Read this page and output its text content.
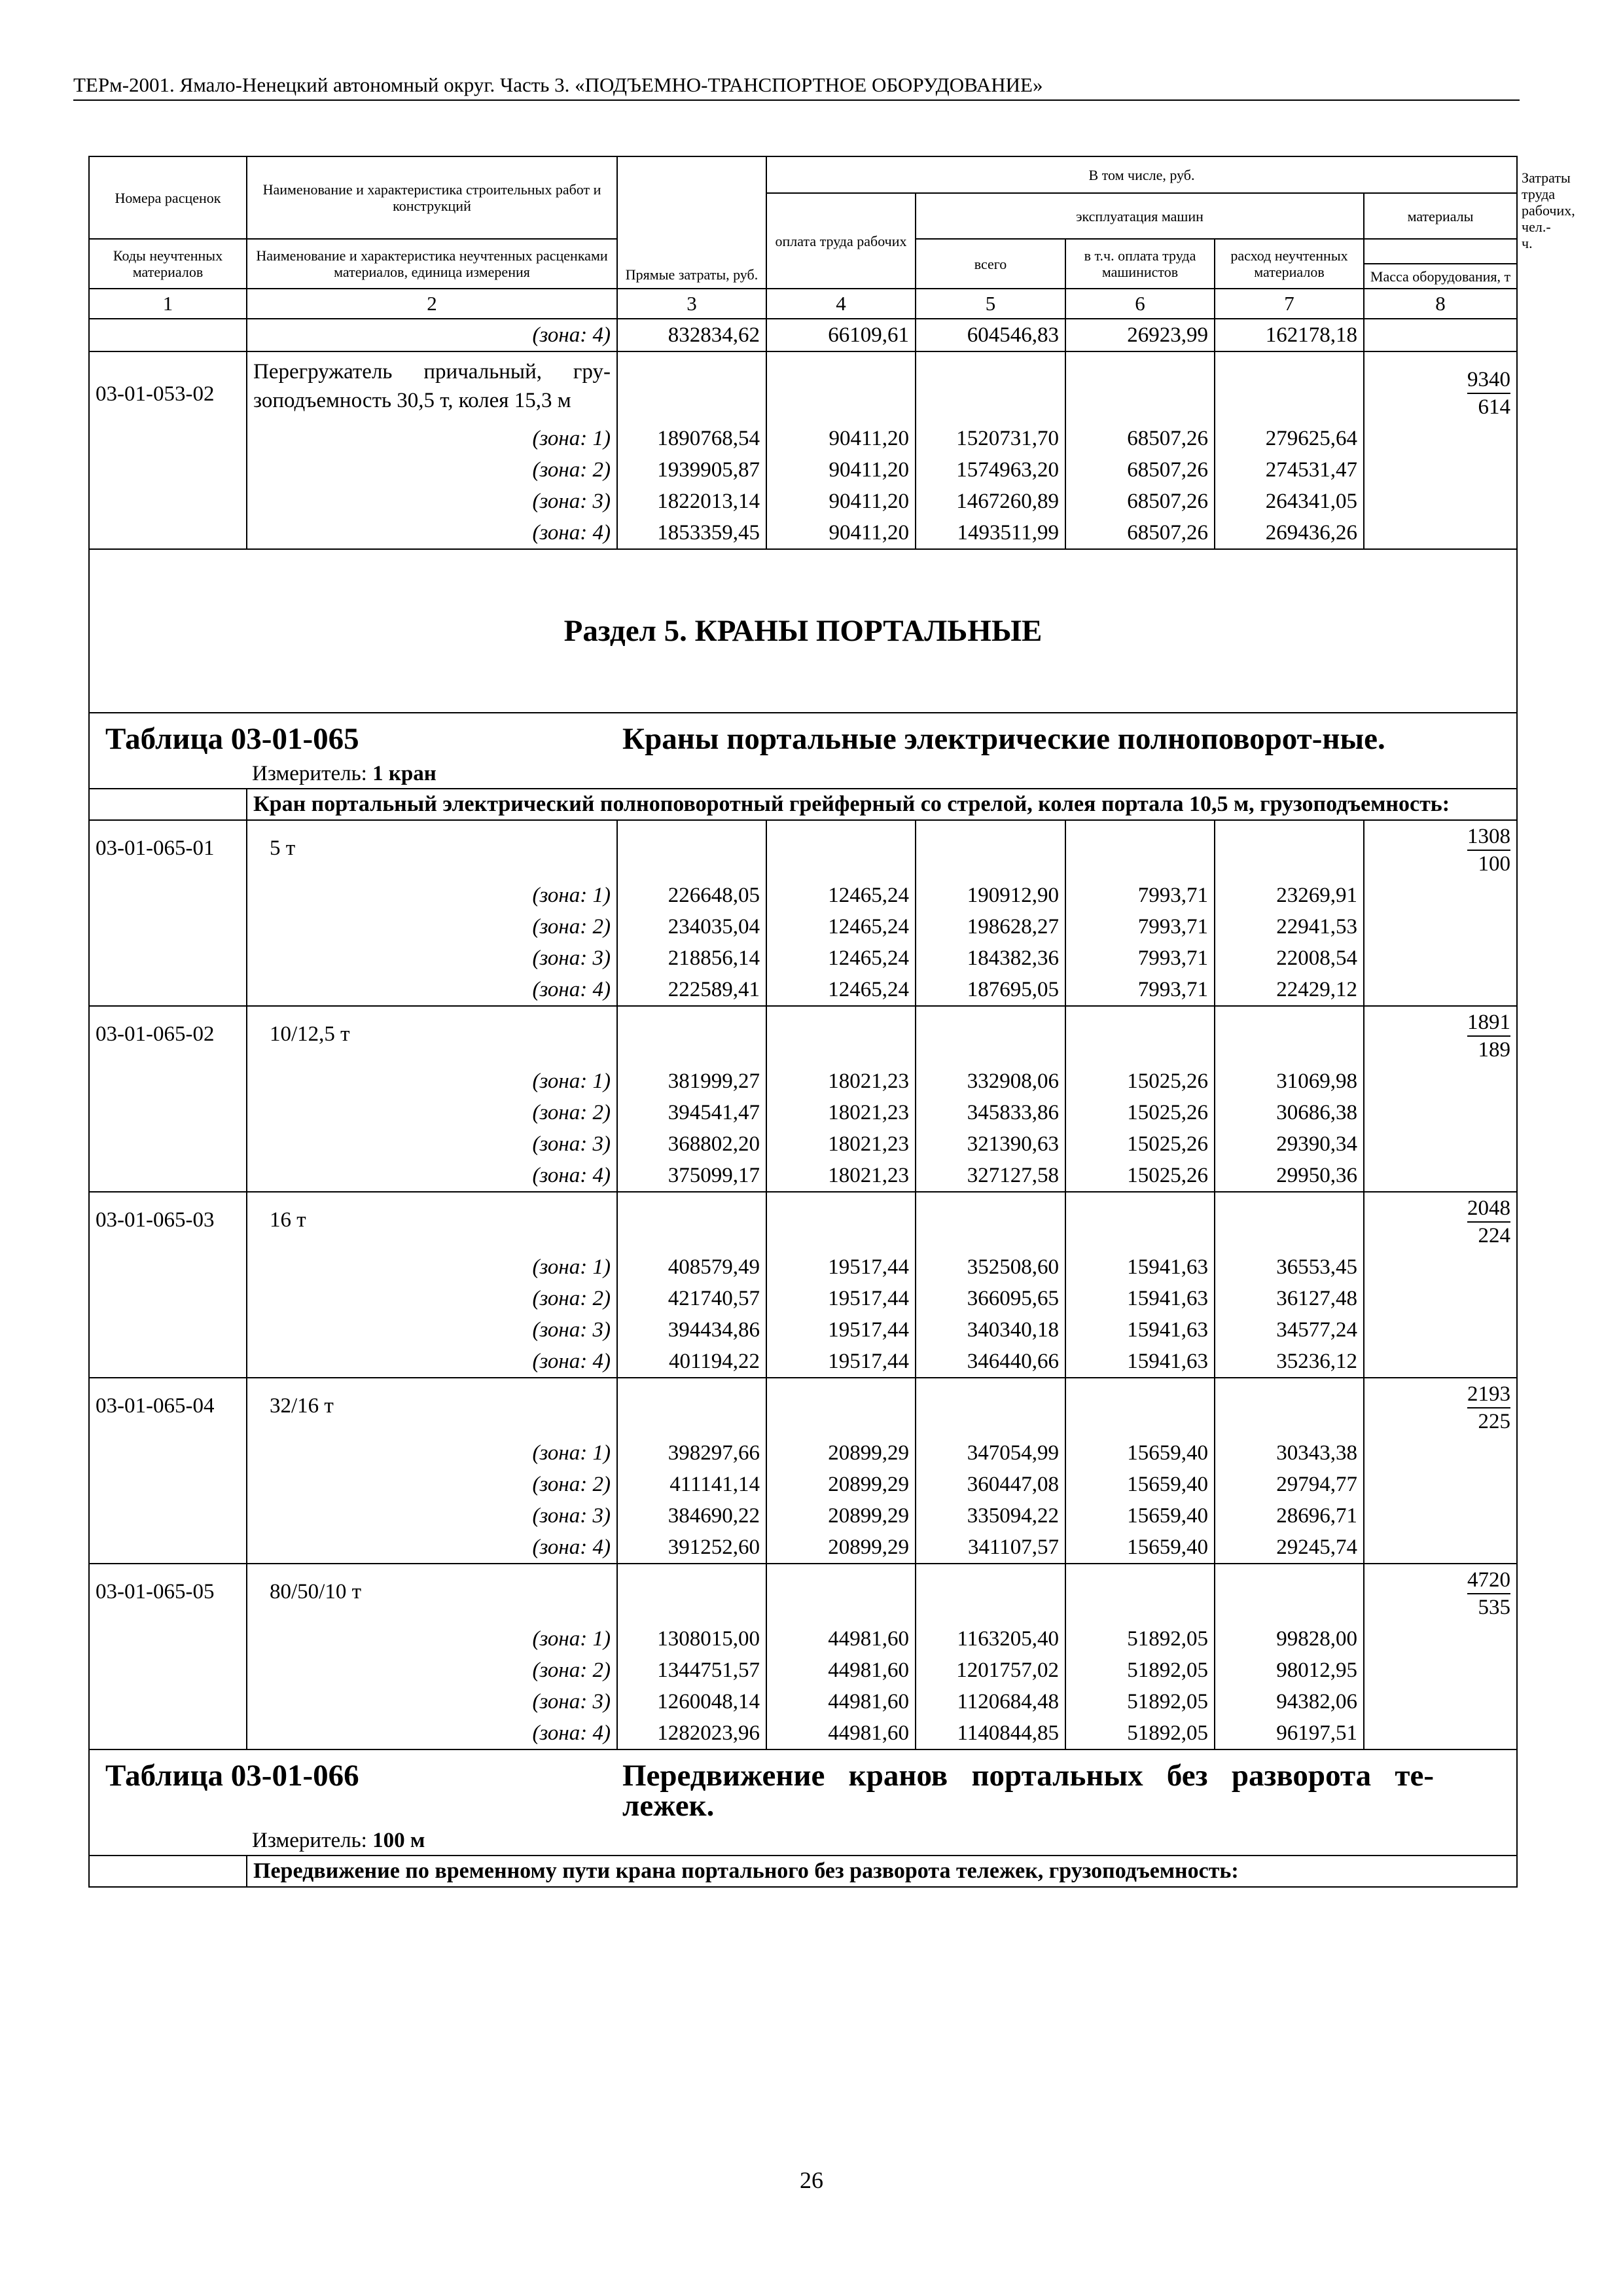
ТЕРм-2001. Ямало-Ненецкий автономный округ. Часть 3. «ПОДЪЕМНО-ТРАНСПОРТНОЕ ОБОРУДОВАНИЕ»
Номера расценок	Наименование и характеристика строительных работ и конструкций	Прямые затраты, руб.	В том числе, руб.					Затраты труда рабочих, чел.-ч.
			оплата труда рабочих	эксплуатация машин			материалы	
Коды неучтенных материалов	Наименование и характеристика неучтенных расценками материалов, единица измерения			всего	в т.ч. оплата труда машинистов	расход неучтенных материалов		
							Масса оборудования, т	
1	2	3	4	5	6	7	8	
	(зона: 4)	832834,62	66109,61	604546,83	26923,99	162178,18		
03-01-053-02	Перегружатель причальный, гру-зоподъемность 30,5 т, колея 15,3 м						$\frac{9340}{614}$

	(зона: 1)	1890768,54	90411,20	1520731,70	68507,26	279625,64		
	(зона: 2)	1939905,87	90411,20	1574963,20	68507,26	274531,47		
	(зона: 3)	1822013,14	90411,20	1467260,89	68507,26	264341,05		
	(зона: 4)	1853359,45	90411,20	1493511,99	68507,26	269436,26		
Раздел 5. КРАНЫ ПОРТАЛЬНЫЕ								

Таблица 03-01-065 Краны портальные электрические полноповорот-ные.
Измеритель: 1 кран								

	Кран портальный электрический полноповоротный грейферный со стрелой, колея портала 10,5 м, грузоподъемность:							
03-01-065-01	5 т						$\frac{1308}{100}$

	(зона: 1)	226648,05	12465,24	190912,90	7993,71	23269,91		
	(зона: 2)	234035,04	12465,24	198628,27	7993,71	22941,53		
	(зона: 3)	218856,14	12465,24	184382,36	7993,71	22008,54		
	(зона: 4)	222589,41	12465,24	187695,05	7993,71	22429,12		
03-01-065-02	10/12,5 т						$\frac{1891}{189}$

	(зона: 1)	381999,27	18021,23	332908,06	15025,26	31069,98		
	(зона: 2)	394541,47	18021,23	345833,86	15025,26	30686,38		
	(зона: 3)	368802,20	18021,23	321390,63	15025,26	29390,34		
	(зона: 4)	375099,17	18021,23	327127,58	15025,26	29950,36		
03-01-065-03	16 т						$\frac{2048}{224}$

	(зона: 1)	408579,49	19517,44	352508,60	15941,63	36553,45		
	(зона: 2)	421740,57	19517,44	366095,65	15941,63	36127,48		
	(зона: 3)	394434,86	19517,44	340340,18	15941,63	34577,24		
	(зона: 4)	401194,22	19517,44	346440,66	15941,63	35236,12		
03-01-065-04	32/16 т						$\frac{2193}{225}$

	(зона: 1)	398297,66	20899,29	347054,99	15659,40	30343,38		
	(зона: 2)	411141,14	20899,29	360447,08	15659,40	29794,77		
	(зона: 3)	384690,22	20899,29	335094,22	15659,40	28696,71		
	(зона: 4)	391252,60	20899,29	341107,57	15659,40	29245,74		
03-01-065-05	80/50/10 т						$\frac{4720}{535}$

	(зона: 1)	1308015,00	44981,60	1163205,40	51892,05	99828,00		
	(зона: 2)	1344751,57	44981,60	1201757,02	51892,05	98012,95		
	(зона: 3)	1260048,14	44981,60	1120684,48	51892,05	94382,06		
	(зона: 4)	1282023,96	44981,60	1140844,85	51892,05	96197,51		

Таблица 03-01-066 Передвижение кранов портальных без разворота те-лежек.
Измеритель: 100 м								

	Передвижение по временному пути крана портального без разворота тележек, грузоподъемность:							
26
